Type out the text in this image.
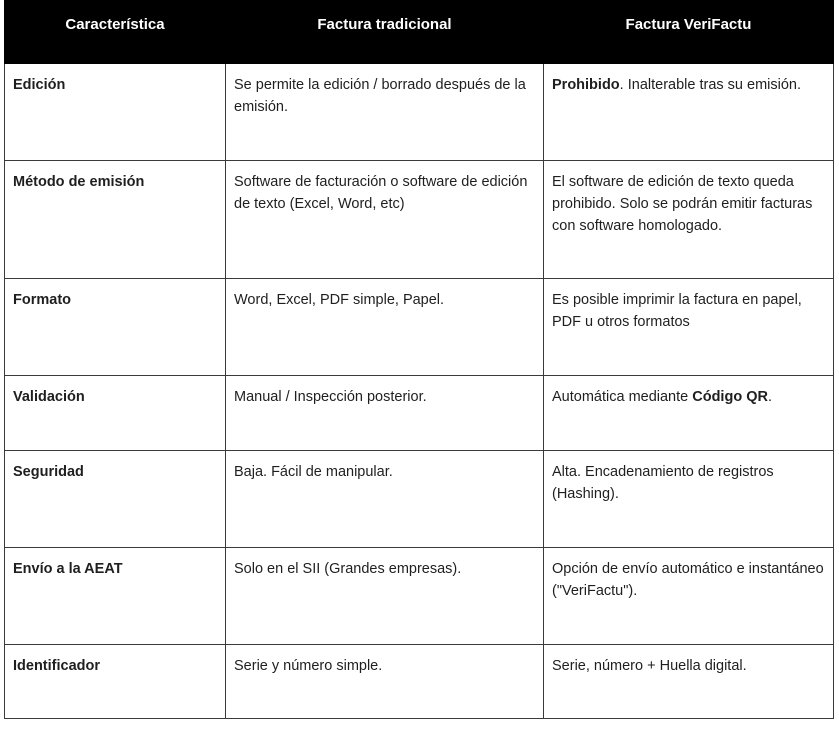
Característica	Factura tradicional	Factura VeriFactu
Edición	Se permite la edición / borrado después de la emisión.	Prohibido. Inalterable tras su emisión.
Método de emisión	Software de facturación o software de edición de texto (Excel, Word, etc)	El software de edición de texto queda prohibido. Solo se podrán emitir facturas con software homologado.
Formato	Word, Excel, PDF simple, Papel.	Es posible imprimir la factura en papel, PDF u otros formatos
Validación	Manual / Inspección posterior.	Automática mediante Código QR.
Seguridad	Baja. Fácil de manipular.	Alta. Encadenamiento de registros (Hashing).
Envío a la AEAT	Solo en el SII (Grandes empresas).	Opción de envío automático e instantáneo ("VeriFactu").
Identificador	Serie y número simple.	Serie, número + Huella digital.
